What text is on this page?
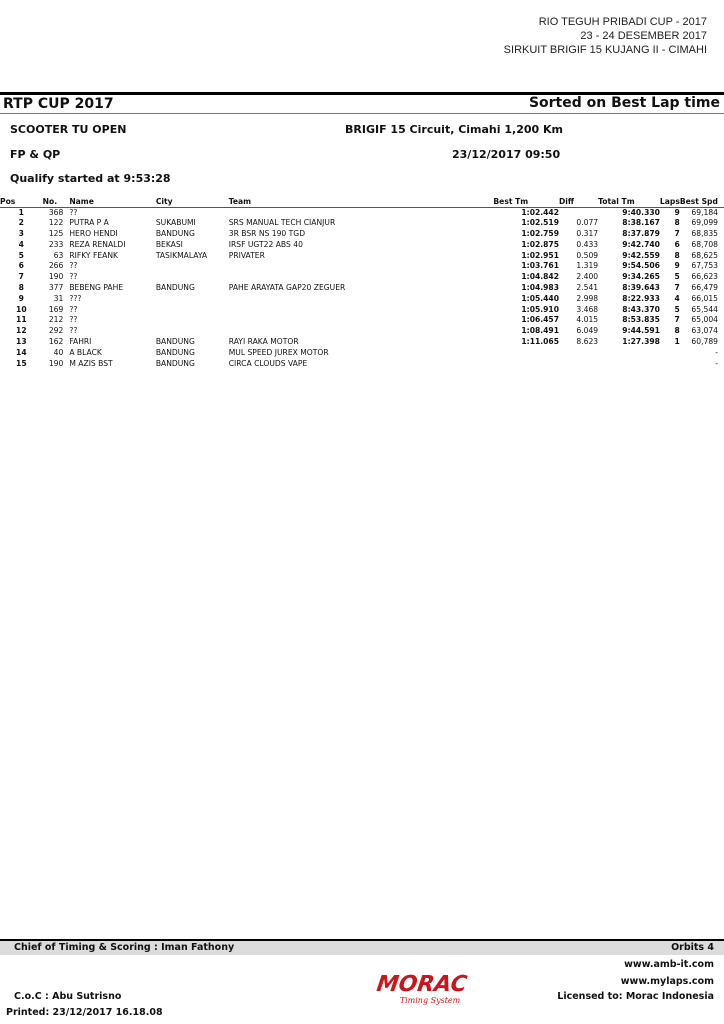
RIO TEGUH PRIBADI CUP - 2017
23 - 24 DESEMBER 2017
SIRKUIT BRIGIF 15 KUJANG II - CIMAHI
RTP CUP 2017	Sorted on Best Lap time
SCOOTER TU OPEN	BRIGIF 15 Circuit, Cimahi 1,200 Km
FP & QP	23/12/2017 09:50
Qualify started at 9:53:28
Pos	No.	Name	City	Team	Best Tm	Diff	Total Tm	Laps	Best Spd
1	368	??			1:02.442		9:40.330	9	69,184
2	122	PUTRA P A	SUKABUMI	SRS MANUAL TECH CIANJUR	1:02.519	0.077	8:38.167	8	69,099
3	125	HERO HENDI	BANDUNG	3R BSR NS 190 TGD	1:02.759	0.317	8:37.879	7	68,835
4	233	REZA RENALDI	BEKASI	IRSF UGT22 ABS 40	1:02.875	0.433	9:42.740	6	68,708
5	63	RIFKY FEANK	TASIKMALAYA	PRIVATER	1:02.951	0.509	9:42.559	8	68,625
6	266	??			1:03.761	1.319	9:54.506	9	67,753
7	190	??			1:04.842	2.400	9:34.265	5	66,623
8	377	BEBENG PAHE	BANDUNG	PAHE ARAYATA GAP20 ZEGUER	1:04.983	2.541	8:39.643	7	66,479
9	31	???			1:05.440	2.998	8:22.933	4	66,015
10	169	??			1:05.910	3.468	8:43.370	5	65,544
11	212	??			1:06.457	4.015	8:53.835	7	65,004
12	292	??			1:08.491	6.049	9:44.591	8	63,074
13	162	FAHRI	BANDUNG	RAYI RAKA MOTOR	1:11.065	8.623	1:27.398	1	60,789
14	40	A BLACK	BANDUNG	MUL SPEED JUREX MOTOR					-
15	190	M AZIS BST	BANDUNG	CIRCA CLOUDS VAPE					-
Chief of Timing & Scoring : Iman Fathony	Orbits 4
www.amb-it.com
www.mylaps.com
C.o.C : Abu Sutrisno	Licensed to: Morac Indonesia
Printed: 23/12/2017 16.18.08
MORAC
Timing System
